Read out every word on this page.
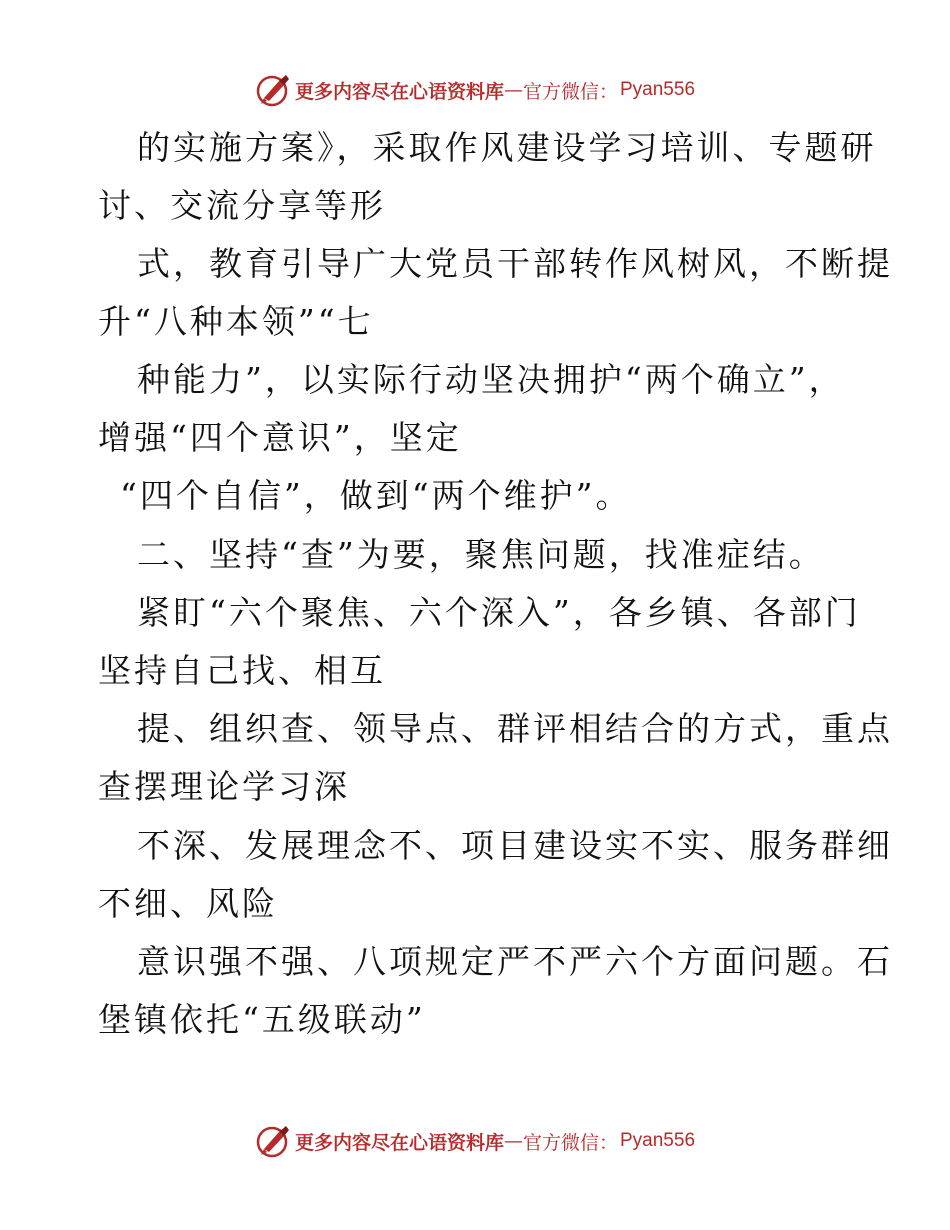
更多内容尽在心语资料库 — 官方微信： Pyan556
的实施方案》，采取作风建设学习培训、专题研
讨、交流分享等形
式，教育引导广大党员干部转作风树风，不断提
升“八种本领”“七
种能力”，以实际行动坚决拥护“两个确立”，
增强“四个意识”，坚定
“四个自信”，做到“两个维护”。
二、坚持“查”为要，聚焦问题，找准症结。
紧盯“六个聚焦、六个深入”，各乡镇、各部门
坚持自己找、相互
提、组织查、领导点、群评相结合的方式，重点
查摆理论学习深
不深、发展理念不、项目建设实不实、服务群细
不细、风险
意识强不强、八项规定严不严六个方面问题。石
堡镇依托“五级联动”
更多内容尽在心语资料库 — 官方微信： Pyan556
